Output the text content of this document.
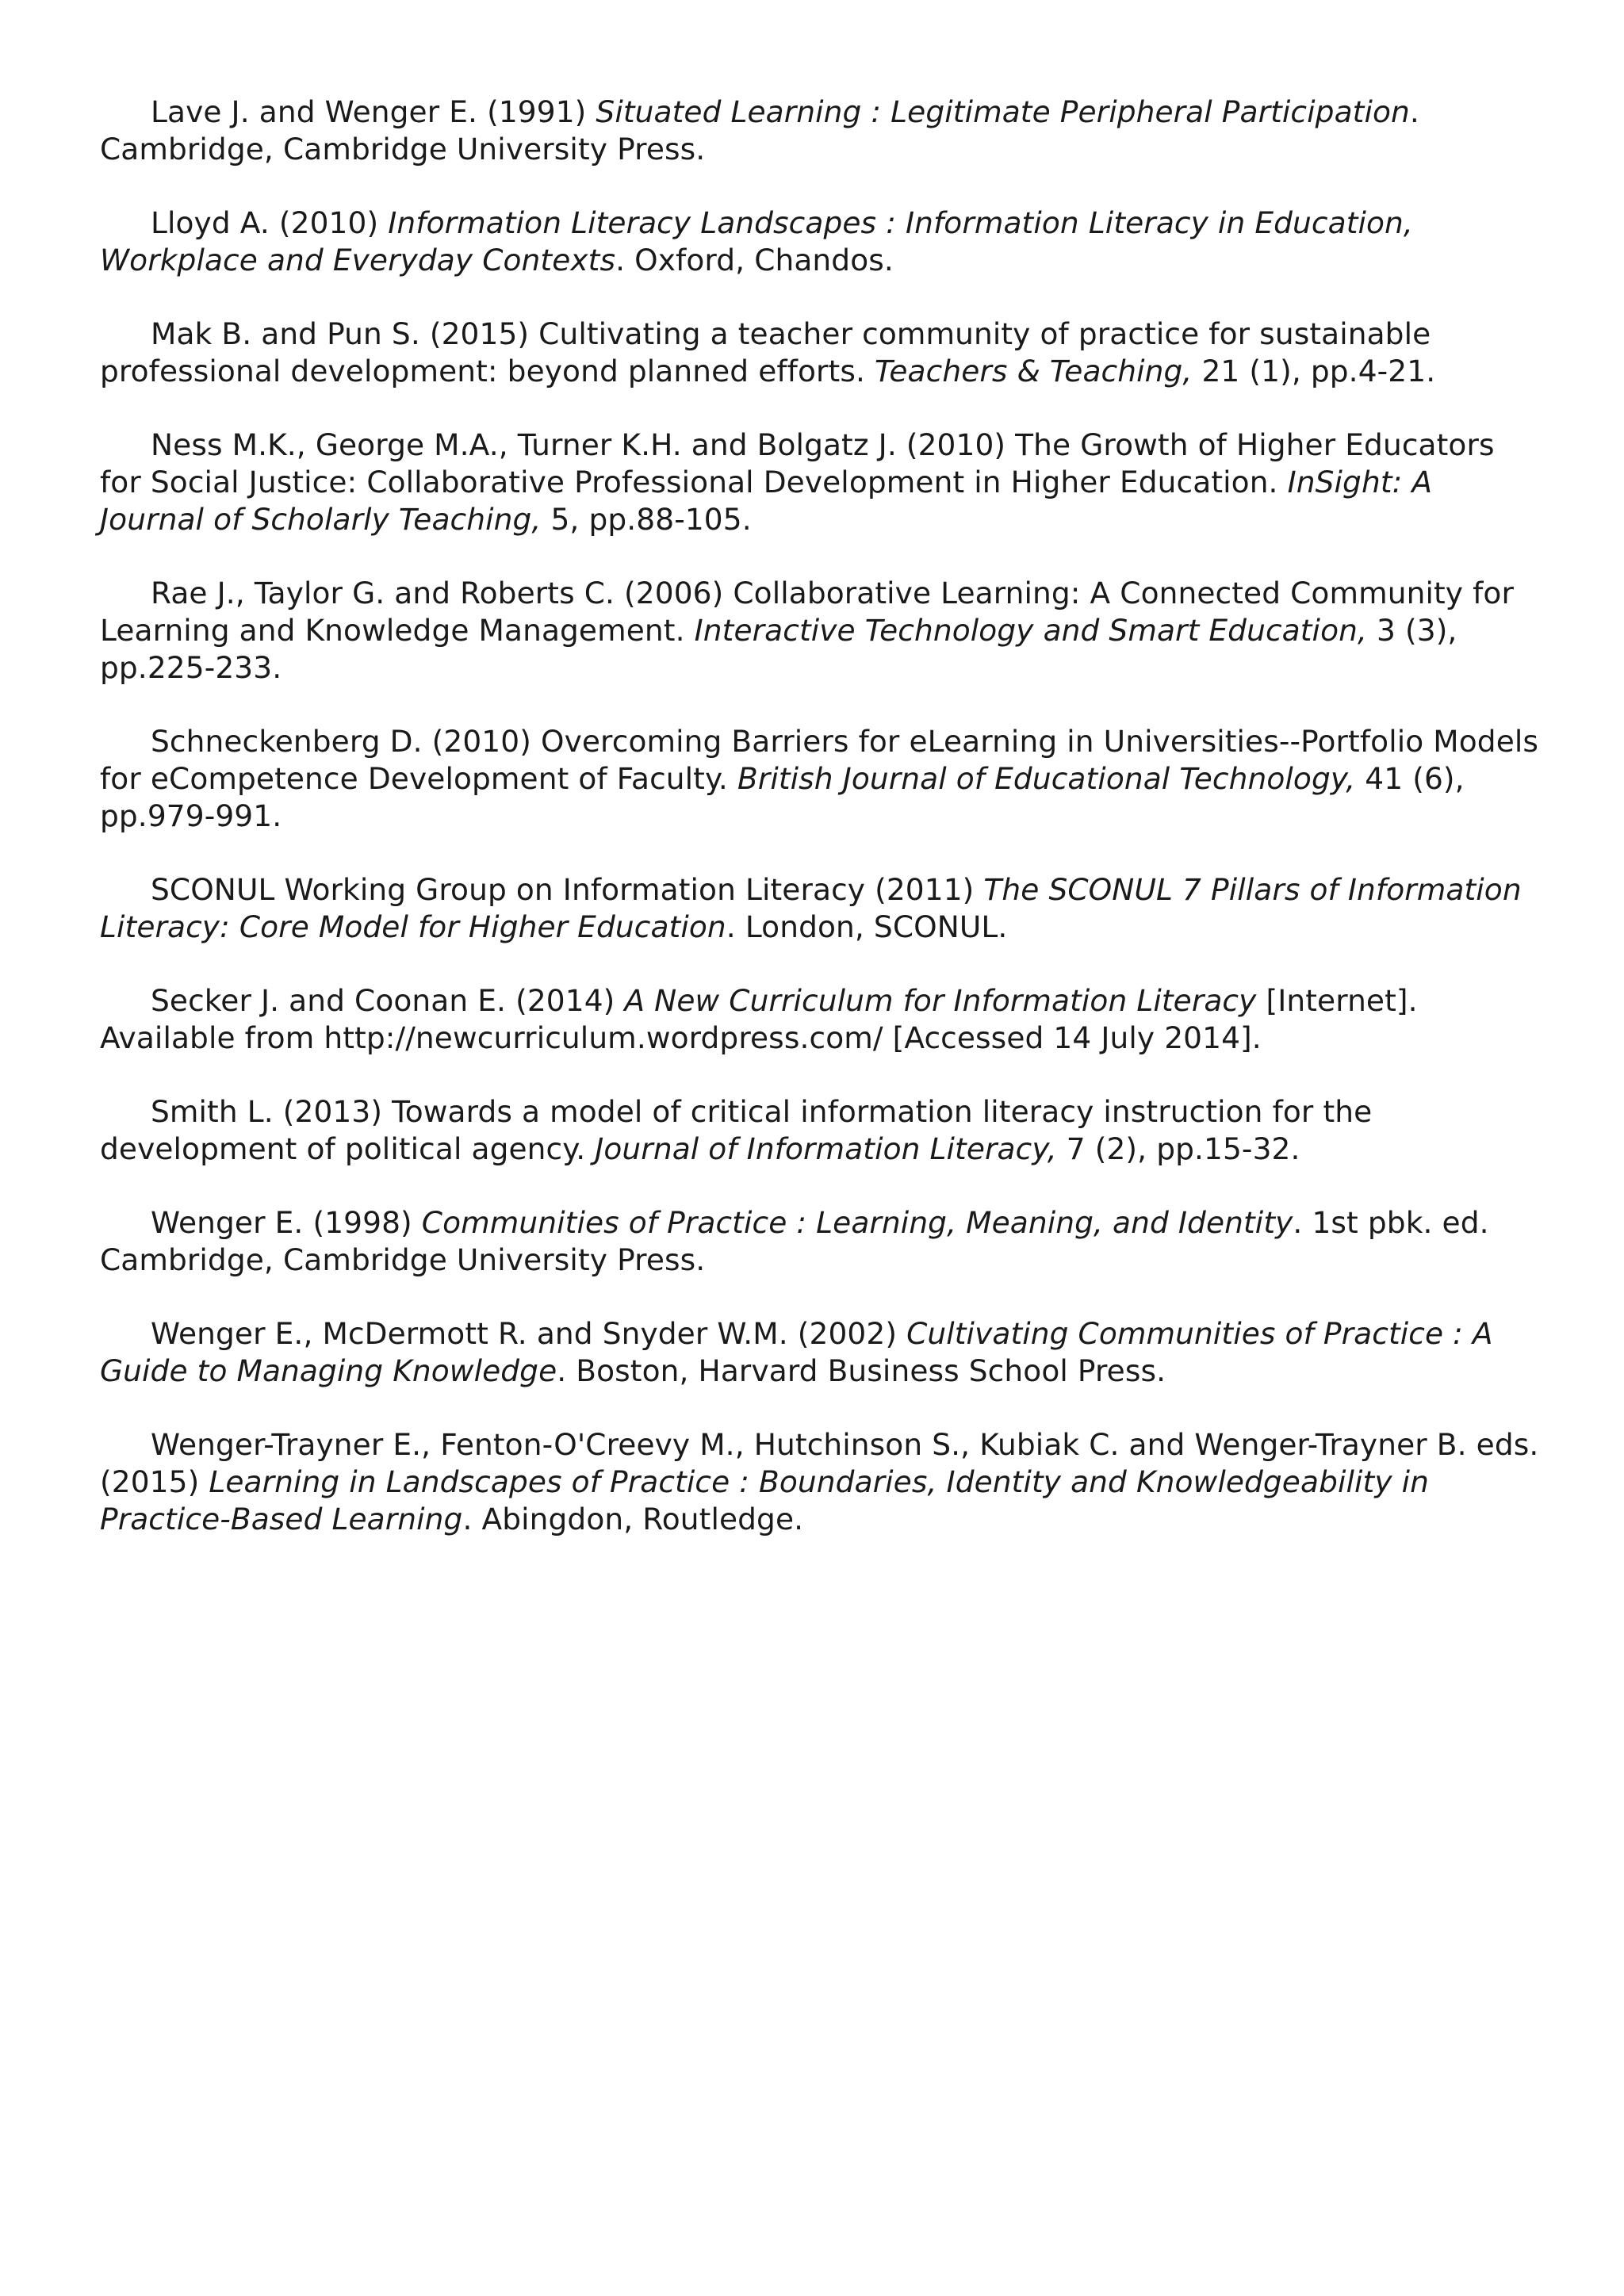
Lave J. and Wenger E. (1991) Situated Learning : Legitimate Peripheral Participation. Cambridge, Cambridge University Press.

Lloyd A. (2010) Information Literacy Landscapes : Information Literacy in Education, Workplace and Everyday Contexts. Oxford, Chandos.

Mak B. and Pun S. (2015) Cultivating a teacher community of practice for sustainable professional development: beyond planned efforts. Teachers & Teaching, 21 (1), pp.4-21.

Ness M.K., George M.A., Turner K.H. and Bolgatz J. (2010) The Growth of Higher Educators for Social Justice: Collaborative Professional Development in Higher Education. InSight: A Journal of Scholarly Teaching, 5, pp.88-105.

Rae J., Taylor G. and Roberts C. (2006) Collaborative Learning: A Connected Community for Learning and Knowledge Management. Interactive Technology and Smart Education, 3 (3), pp.225-233.

Schneckenberg D. (2010) Overcoming Barriers for eLearning in Universities--Portfolio Models for eCompetence Development of Faculty. British Journal of Educational Technology, 41 (6), pp.979-991.

SCONUL Working Group on Information Literacy (2011) The SCONUL 7 Pillars of Information Literacy: Core Model for Higher Education. London, SCONUL.

Secker J. and Coonan E. (2014) A New Curriculum for Information Literacy [Internet]. Available from http://newcurriculum.wordpress.com/ [Accessed 14 July 2014].

Smith L. (2013) Towards a model of critical information literacy instruction for the development of political agency. Journal of Information Literacy, 7 (2), pp.15-32.

Wenger E. (1998) Communities of Practice : Learning, Meaning, and Identity. 1st pbk. ed. Cambridge, Cambridge University Press.

Wenger E., McDermott R. and Snyder W.M. (2002) Cultivating Communities of Practice : A Guide to Managing Knowledge. Boston, Harvard Business School Press.

Wenger-Trayner E., Fenton-O'Creevy M., Hutchinson S., Kubiak C. and Wenger-Trayner B. eds. (2015) Learning in Landscapes of Practice : Boundaries, Identity and Knowledgeability in Practice-Based Learning. Abingdon, Routledge.
